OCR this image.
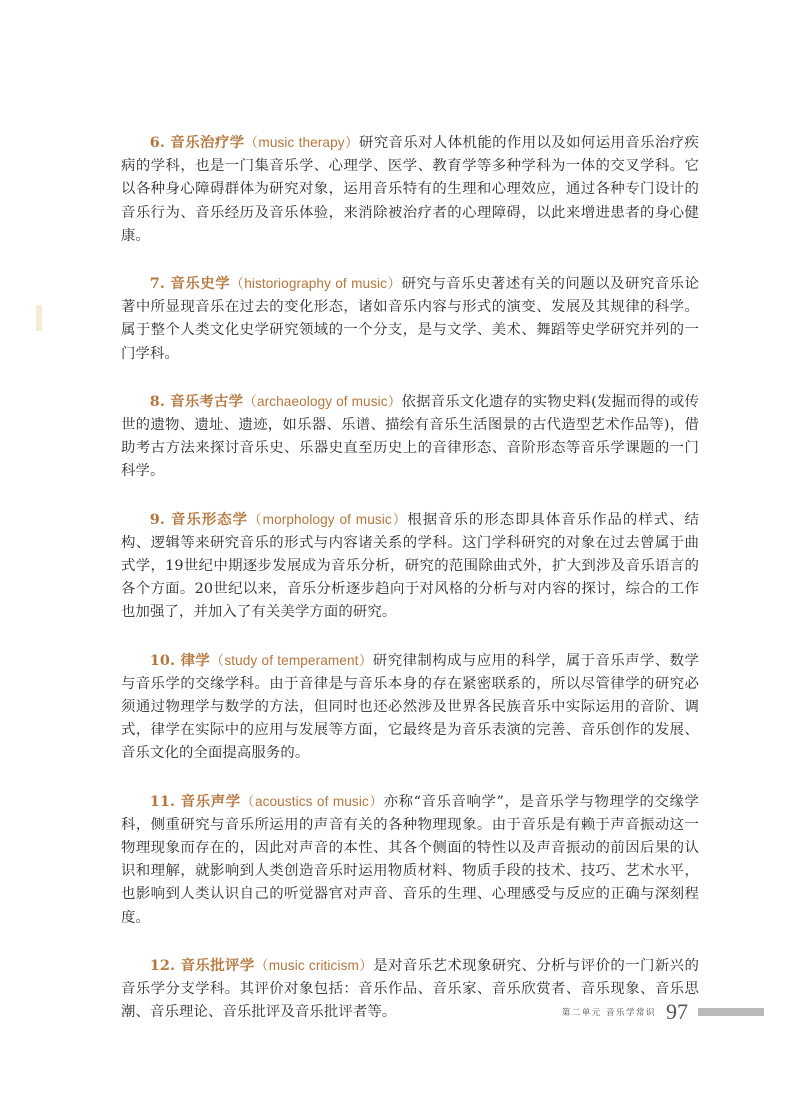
6. 音乐治疗学（music therapy）研究音乐对人体机能的作用以及如何运用音乐治疗疾病的学科，也是一门集音乐学、心理学、医学、教育学等多种学科为一体的交叉学科。它以各种身心障碍群体为研究对象，运用音乐特有的生理和心理效应，通过各种专门设计的音乐行为、音乐经历及音乐体验，来消除被治疗者的心理障碍，以此来增进患者的身心健康。

7. 音乐史学（historiography of music）研究与音乐史著述有关的问题以及研究音乐论著中所显现音乐在过去的变化形态，诸如音乐内容与形式的演变、发展及其规律的科学。属于整个人类文化史学研究领域的一个分支，是与文学、美术、舞蹈等史学研究并列的一门学科。

8. 音乐考古学（archaeology of music）依据音乐文化遗存的实物史料(发掘而得的或传世的遗物、遗址、遗迹，如乐器、乐谱、描绘有音乐生活图景的古代造型艺术作品等)，借助考古方法来探讨音乐史、乐器史直至历史上的音律形态、音阶形态等音乐学课题的一门科学。

9. 音乐形态学（morphology of music）根据音乐的形态即具体音乐作品的样式、结构、逻辑等来研究音乐的形式与内容诸关系的学科。这门学科研究的对象在过去曾属于曲式学，19世纪中期逐步发展成为音乐分析，研究的范围除曲式外，扩大到涉及音乐语言的各个方面。20世纪以来，音乐分析逐步趋向于对风格的分析与对内容的探讨，综合的工作也加强了，并加入了有关美学方面的研究。

10. 律学（study of temperament）研究律制构成与应用的科学，属于音乐声学、数学与音乐学的交缘学科。由于音律是与音乐本身的存在紧密联系的，所以尽管律学的研究必须通过物理学与数学的方法，但同时也还必然涉及世界各民族音乐中实际运用的音阶、调式，律学在实际中的应用与发展等方面，它最终是为音乐表演的完善、音乐创作的发展、音乐文化的全面提高服务的。

11. 音乐声学（acoustics of music）亦称“音乐音响学”，是音乐学与物理学的交缘学科，侧重研究与音乐所运用的声音有关的各种物理现象。由于音乐是有赖于声音振动这一物理现象而存在的，因此对声音的本性、其各个侧面的特性以及声音振动的前因后果的认识和理解，就影响到人类创造音乐时运用物质材料、物质手段的技术、技巧、艺术水平，也影响到人类认识自己的听觉器官对声音、音乐的生理、心理感受与反应的正确与深刻程度。

12. 音乐批评学（music criticism）是对音乐艺术现象研究、分析与评价的一门新兴的音乐学分支学科。其评价对象包括：音乐作品、音乐家、音乐欣赏者、音乐现象、音乐思潮、音乐理论、音乐批评及音乐批评者等。	第二单元 音乐学常识 97
